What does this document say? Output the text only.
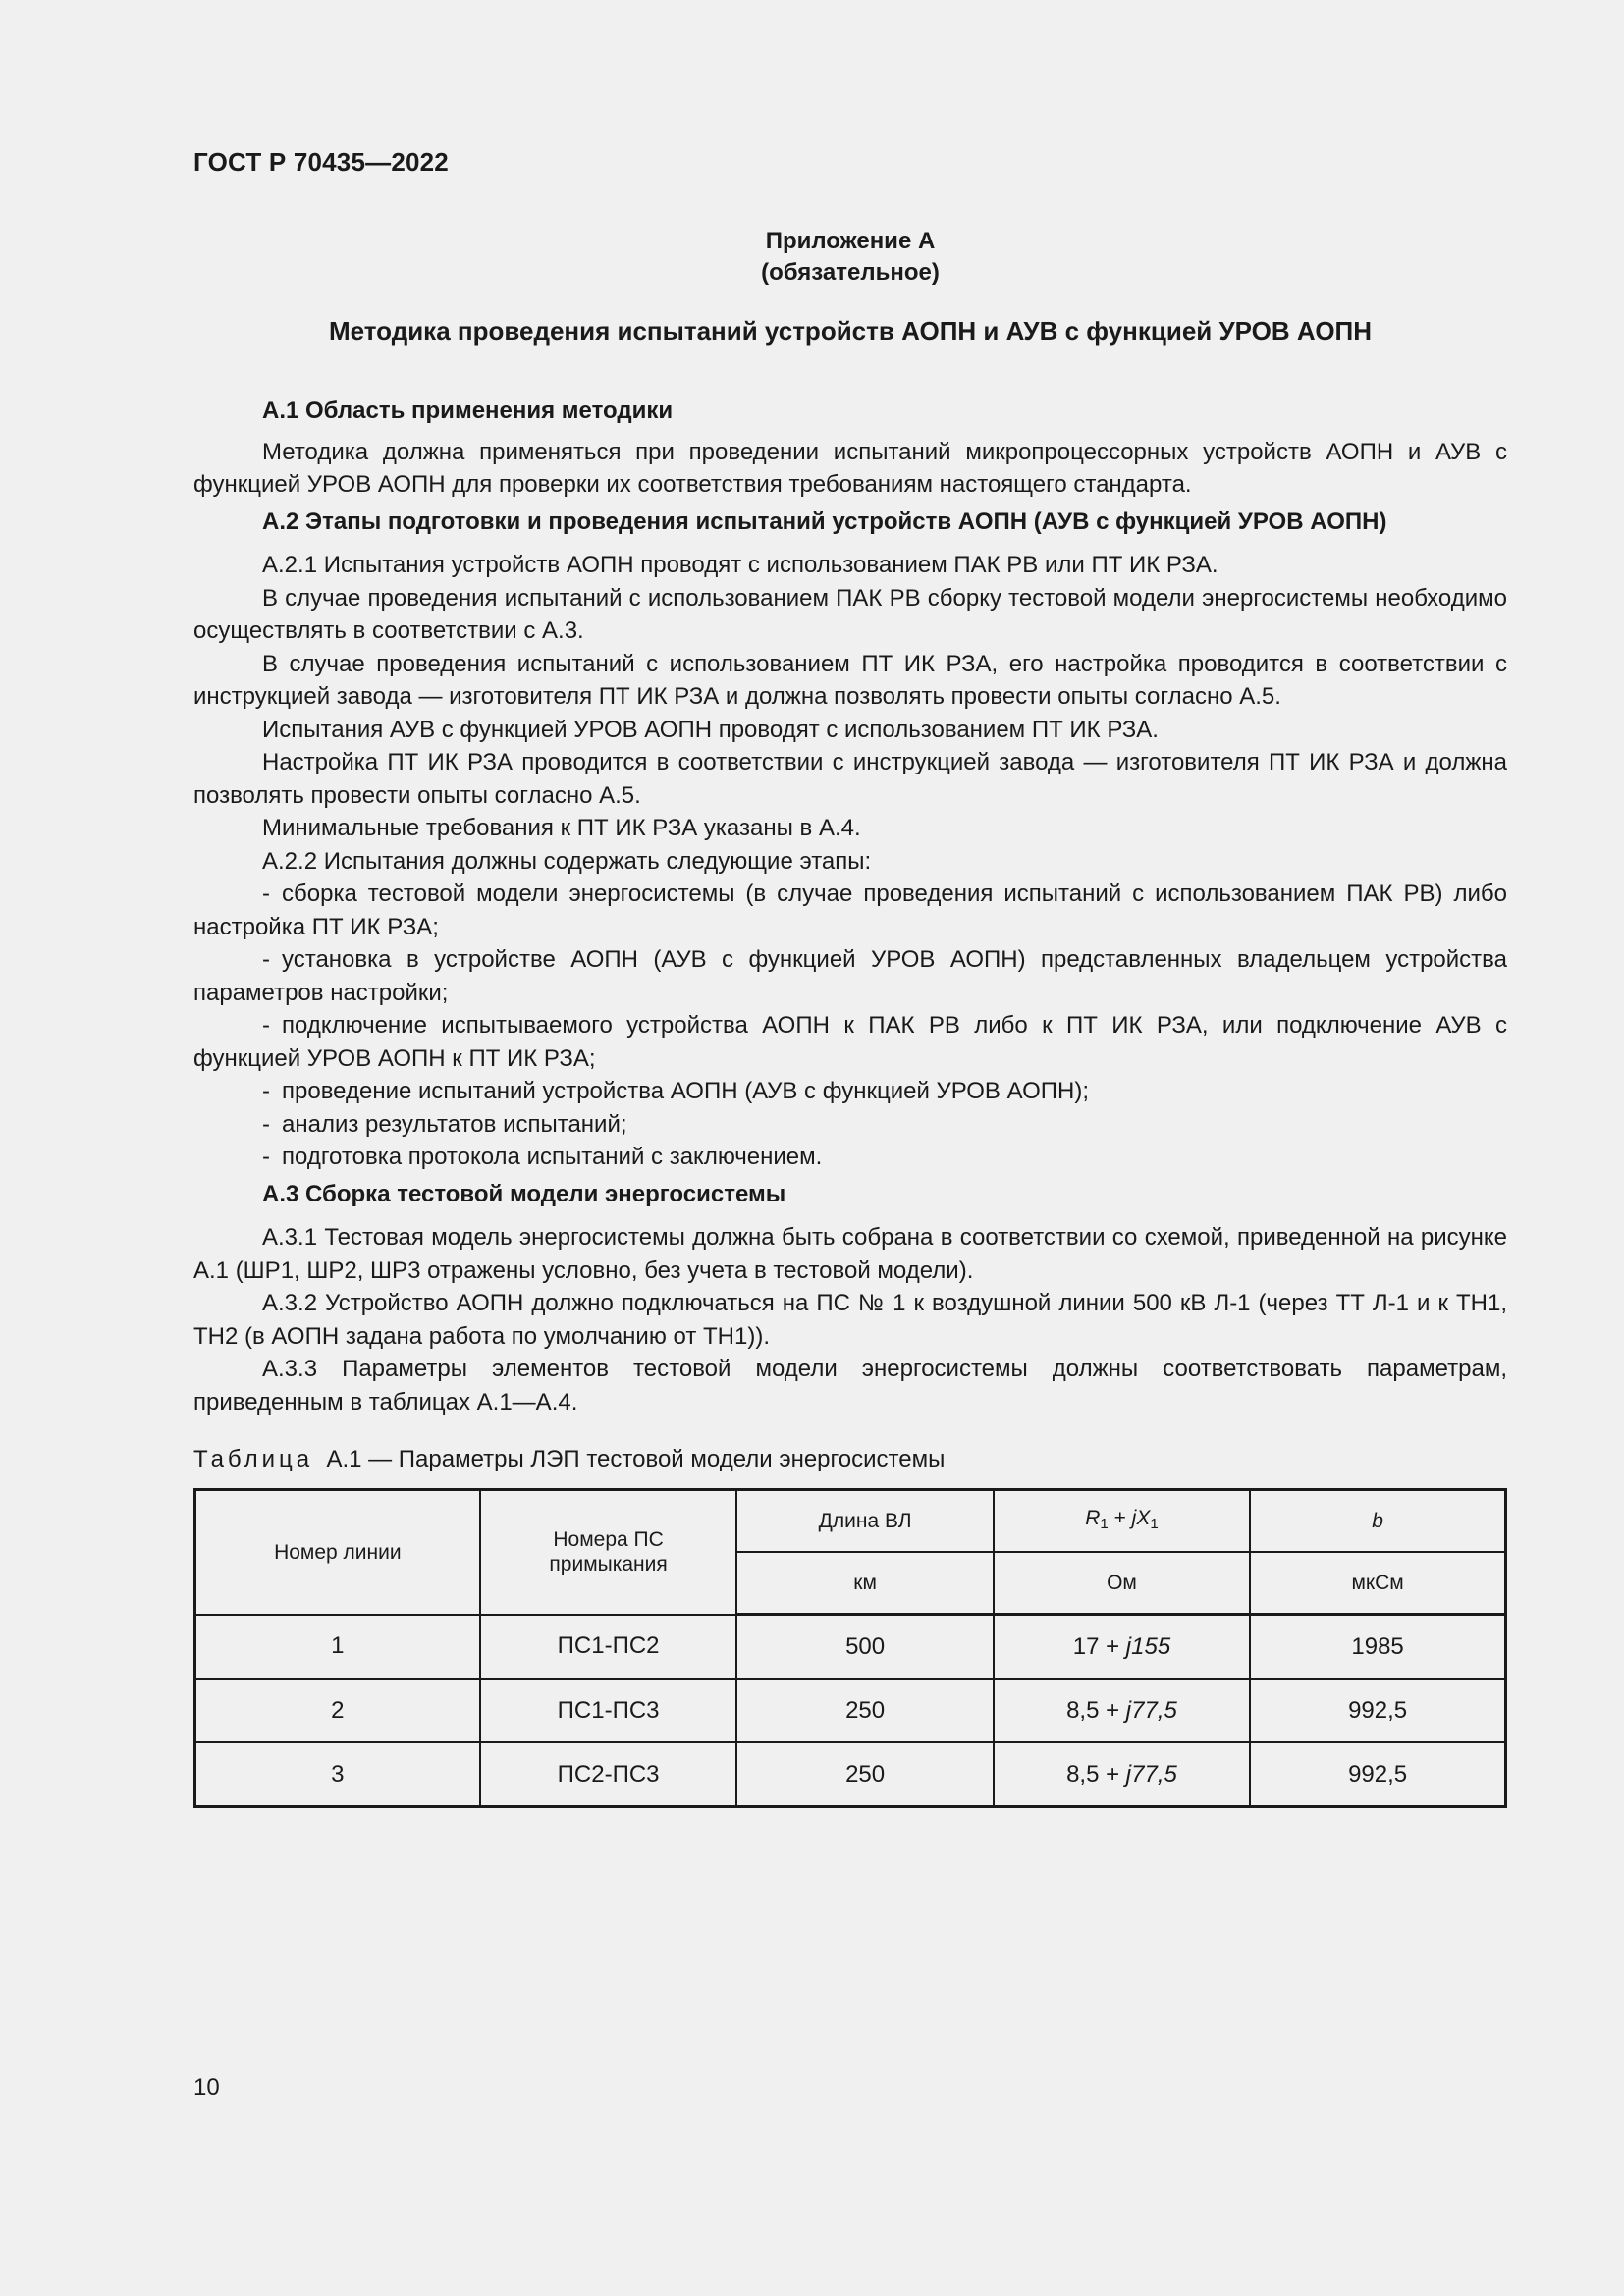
ГОСТ Р 70435—2022
Приложение А
(обязательное)
Методика проведения испытаний устройств АОПН и АУВ с функцией УРОВ АОПН

А.1 Область применения методики

Методика должна применяться при проведении испытаний микропроцессорных устройств АОПН и АУВ с функцией УРОВ АОПН для проверки их соответствия требованиям настоящего стандарта.

А.2 Этапы подготовки и проведения испытаний устройств АОПН (АУВ с функцией УРОВ АОПН)

А.2.1 Испытания устройств АОПН проводят с использованием ПАК РВ или ПТ ИК РЗА.

В случае проведения испытаний с использованием ПАК РВ сборку тестовой модели энергосистемы необходимо осуществлять в соответствии с А.3.

В случае проведения испытаний с использованием ПТ ИК РЗА, его настройка проводится в соответствии с инструкцией завода — изготовителя ПТ ИК РЗА и должна позволять провести опыты согласно А.5.

Испытания АУВ с функцией УРОВ АОПН проводят с использованием ПТ ИК РЗА.

Настройка ПТ ИК РЗА проводится в соответствии с инструкцией завода — изготовителя ПТ ИК РЗА и должна позволять провести опыты согласно А.5.

Минимальные требования к ПТ ИК РЗА указаны в А.4.

А.2.2 Испытания должны содержать следующие этапы:

- сборка тестовой модели энергосистемы (в случае проведения испытаний с использованием ПАК РВ) либо настройка ПТ ИК РЗА;

- установка в устройстве АОПН (АУВ с функцией УРОВ АОПН) представленных владельцем устройства параметров настройки;

- подключение испытываемого устройства АОПН к ПАК РВ либо к ПТ ИК РЗА, или подключение АУВ с функцией УРОВ АОПН к ПТ ИК РЗА;

- проведение испытаний устройства АОПН (АУВ с функцией УРОВ АОПН);

- анализ результатов испытаний;

- подготовка протокола испытаний с заключением.

А.3 Сборка тестовой модели энергосистемы

А.3.1 Тестовая модель энергосистемы должна быть собрана в соответствии со схемой, приведенной на рисунке А.1 (ШР1, ШР2, ШР3 отражены условно, без учета в тестовой модели).

А.3.2 Устройство АОПН должно подключаться на ПС № 1 к воздушной линии 500 кВ Л-1 (через ТТ Л-1 и к ТН1, ТН2 (в АОПН задана работа по умолчанию от ТН1)).

А.3.3 Параметры элементов тестовой модели энергосистемы должны соответствовать параметрам, приведенным в таблицах А.1—А.4.

Таблица  А.1 — Параметры ЛЭП тестовой модели энергосистемы
Номер линии	Номера ПС примыкания	Длина ВЛ	$R_1 + jX_1$	b
		км	Ом	мкСм
1	ПС1-ПС2	500	17 + j155	1985
2	ПС1-ПС3	250	8,5 + j77,5	992,5
3	ПС2-ПС3	250	8,5 + j77,5	992,5
10
